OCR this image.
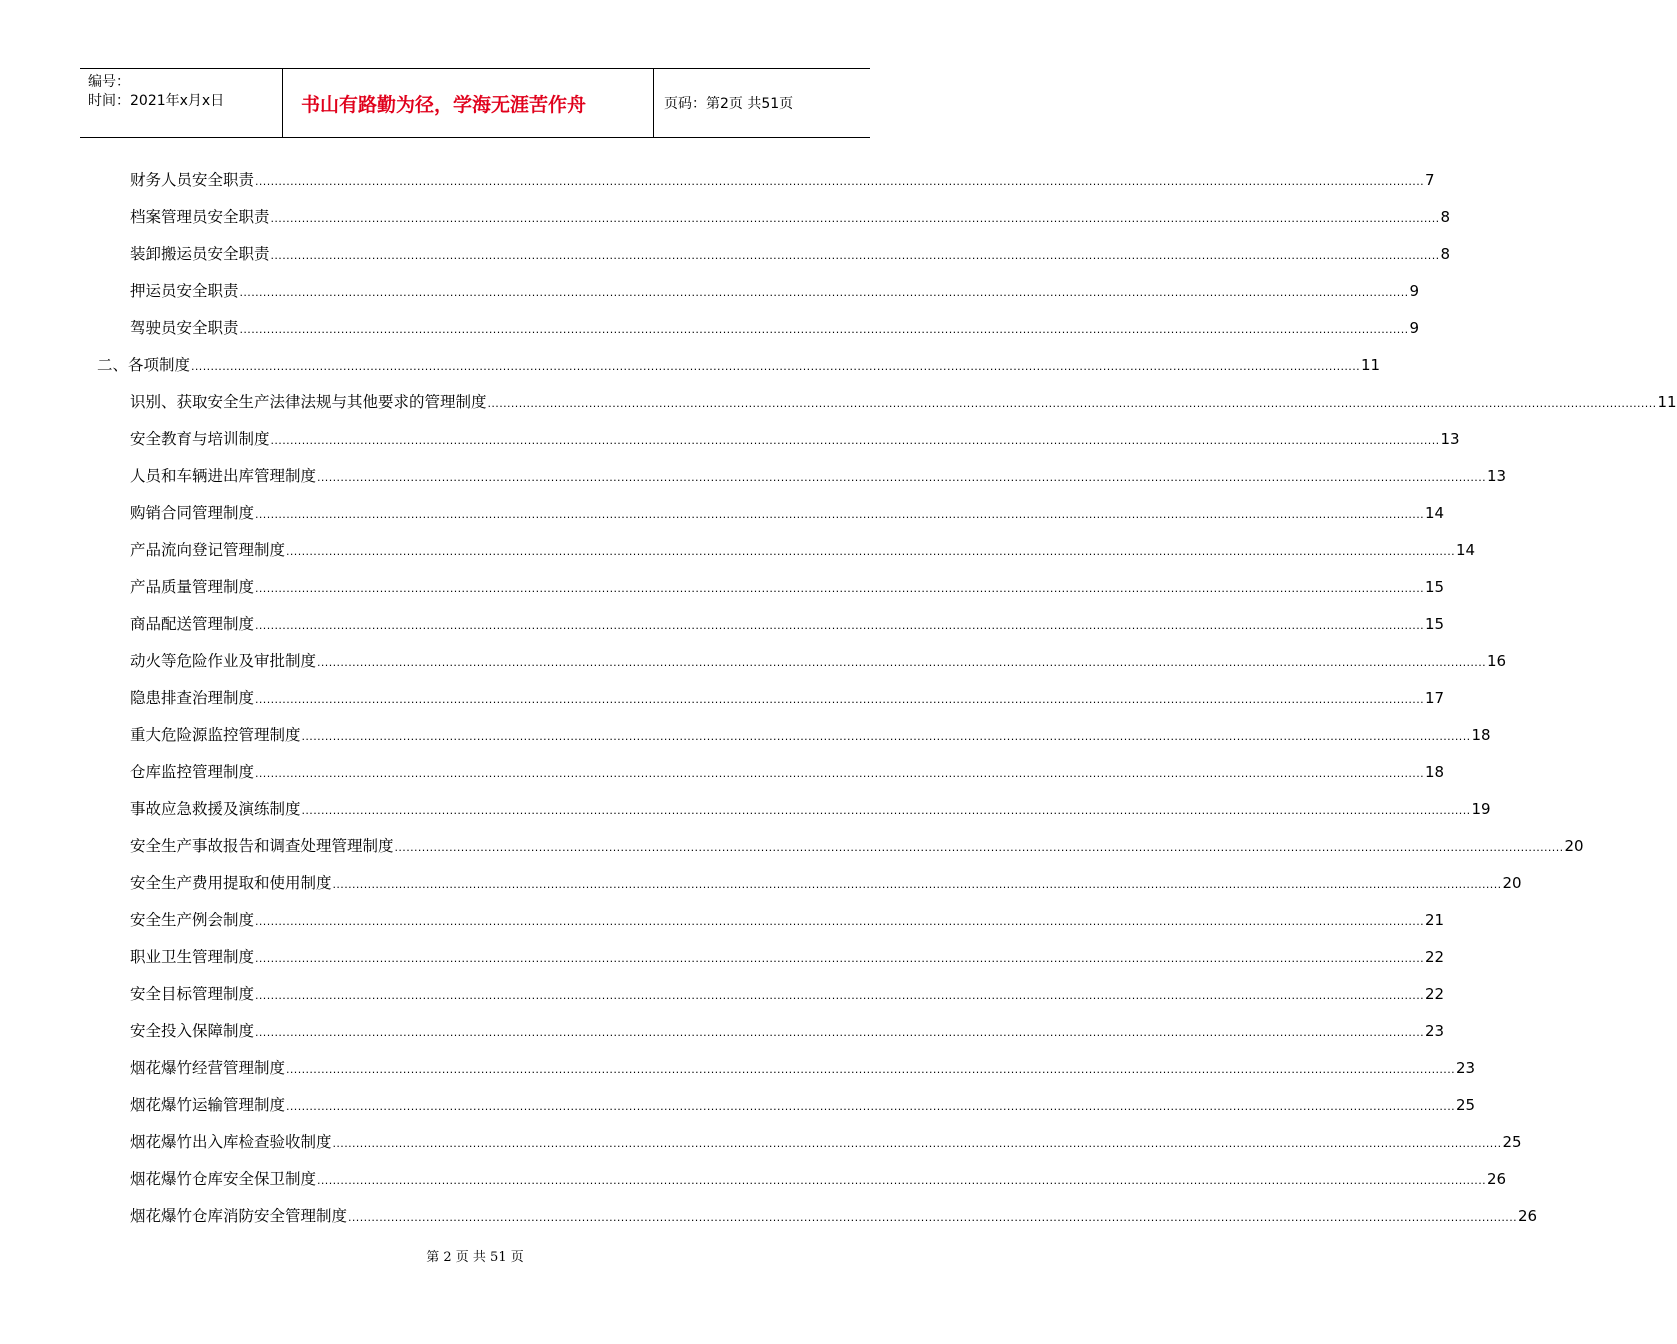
编号：
时间：2021年x月x日	书山有路勤为径，学海无涯苦作舟	页码：第2页 共51页
财务人员安全职责 ............................................................................................................................................................................................................................................................................................................ 7
档案管理员安全职责 ............................................................................................................................................................................................................................................................................................................ 8
装卸搬运员安全职责 ............................................................................................................................................................................................................................................................................................................ 8
押运员安全职责 ............................................................................................................................................................................................................................................................................................................ 9
驾驶员安全职责 ............................................................................................................................................................................................................................................................................................................ 9
二、各项制度 ............................................................................................................................................................................................................................................................................................................ 11
识别、获取安全生产法律法规与其他要求的管理制度 ............................................................................................................................................................................................................................................................................................................ 11
安全教育与培训制度 ............................................................................................................................................................................................................................................................................................................ 13
人员和车辆进出库管理制度 ............................................................................................................................................................................................................................................................................................................ 13
购销合同管理制度 ............................................................................................................................................................................................................................................................................................................ 14
产品流向登记管理制度 ............................................................................................................................................................................................................................................................................................................ 14
产品质量管理制度 ............................................................................................................................................................................................................................................................................................................ 15
商品配送管理制度 ............................................................................................................................................................................................................................................................................................................ 15
动火等危险作业及审批制度 ............................................................................................................................................................................................................................................................................................................ 16
隐患排查治理制度 ............................................................................................................................................................................................................................................................................................................ 17
重大危险源监控管理制度 ............................................................................................................................................................................................................................................................................................................ 18
仓库监控管理制度 ............................................................................................................................................................................................................................................................................................................ 18
事故应急救援及演练制度 ............................................................................................................................................................................................................................................................................................................ 19
安全生产事故报告和调查处理管理制度 ............................................................................................................................................................................................................................................................................................................ 20
安全生产费用提取和使用制度 ............................................................................................................................................................................................................................................................................................................ 20
安全生产例会制度 ............................................................................................................................................................................................................................................................................................................ 21
职业卫生管理制度 ............................................................................................................................................................................................................................................................................................................ 22
安全目标管理制度 ............................................................................................................................................................................................................................................................................................................ 22
安全投入保障制度 ............................................................................................................................................................................................................................................................................................................ 23
烟花爆竹经营管理制度 ............................................................................................................................................................................................................................................................................................................ 23
烟花爆竹运输管理制度 ............................................................................................................................................................................................................................................................................................................ 25
烟花爆竹出入库检查验收制度 ............................................................................................................................................................................................................................................................................................................ 25
烟花爆竹仓库安全保卫制度 ............................................................................................................................................................................................................................................................................................................ 26
烟花爆竹仓库消防安全管理制度 ............................................................................................................................................................................................................................................................................................................ 26
第 2 页 共 51 页
